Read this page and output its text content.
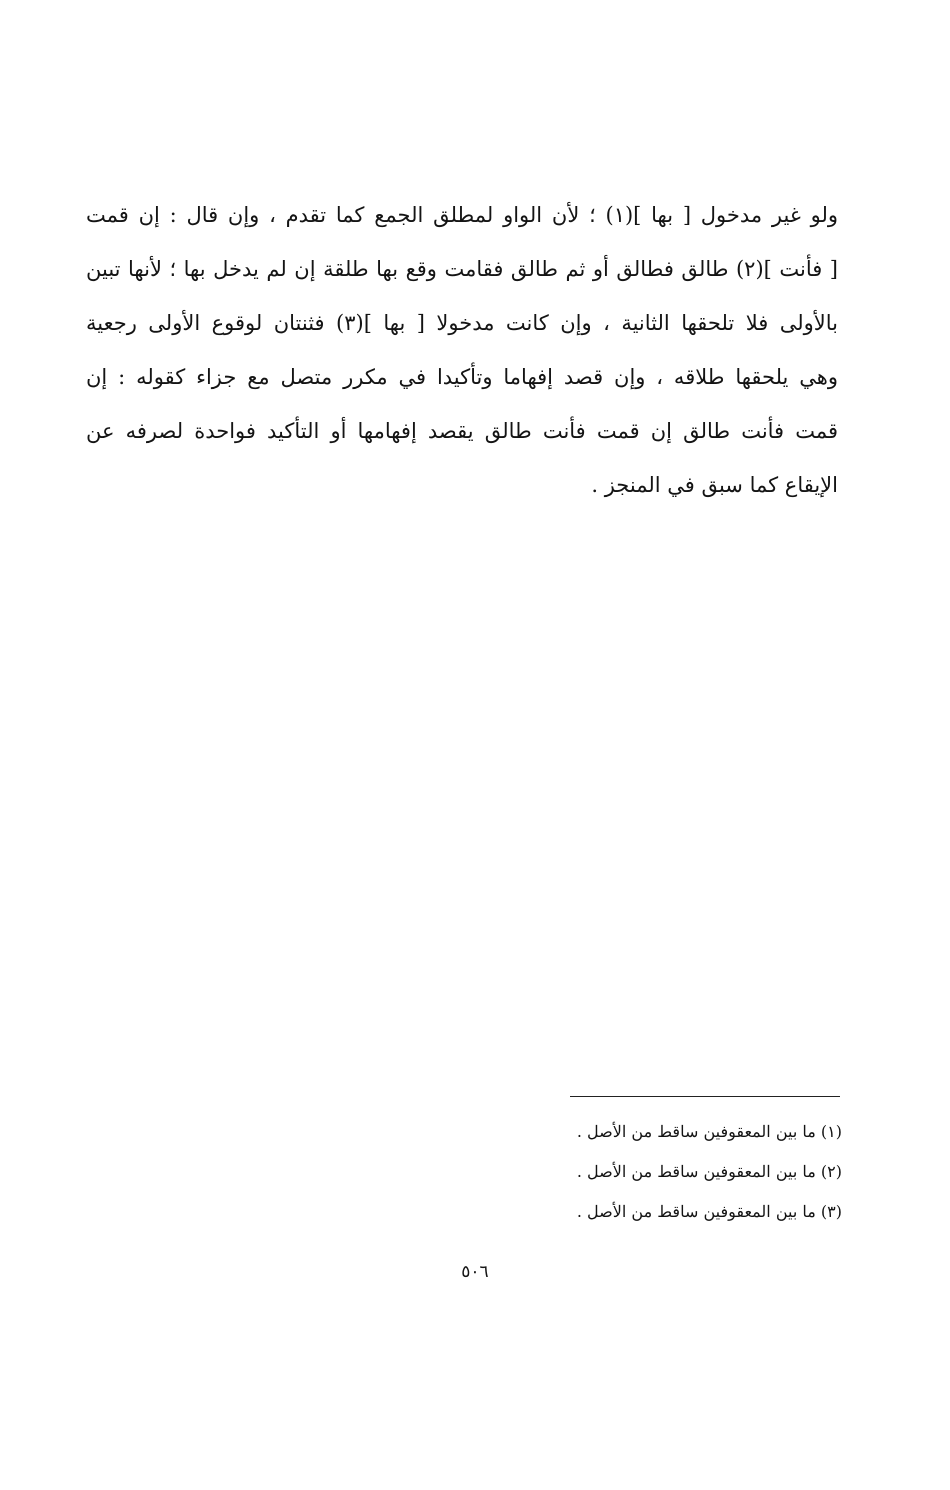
ولو غير مدخول [ بها ](١) ؛ لأن الواو لمطلق الجمع كما تقدم ، وإن قال : إن قمت
[ فأنت ](٢) طالق فطالق أو ثم طالق فقامت وقع بها طلقة إن لم يدخل بها ؛ لأنها تبين
بالأولى فلا تلحقها الثانية ، وإن كانت مدخولا [ بها ](٣) فثنتان لوقوع الأولى رجعية
وهي يلحقها طلاقه ، وإن قصد إفهاما وتأكيدا في مكرر متصل مع جزاء كقوله : إن
قمت فأنت طالق إن قمت فأنت طالق يقصد إفهامها أو التأكيد فواحدة لصرفه عن
الإيقاع كما سبق في المنجز .
(١) ما بين المعقوفين ساقط من الأصل .
(٢) ما بين المعقوفين ساقط من الأصل .
(٣) ما بين المعقوفين ساقط من الأصل .
٥٠٦
